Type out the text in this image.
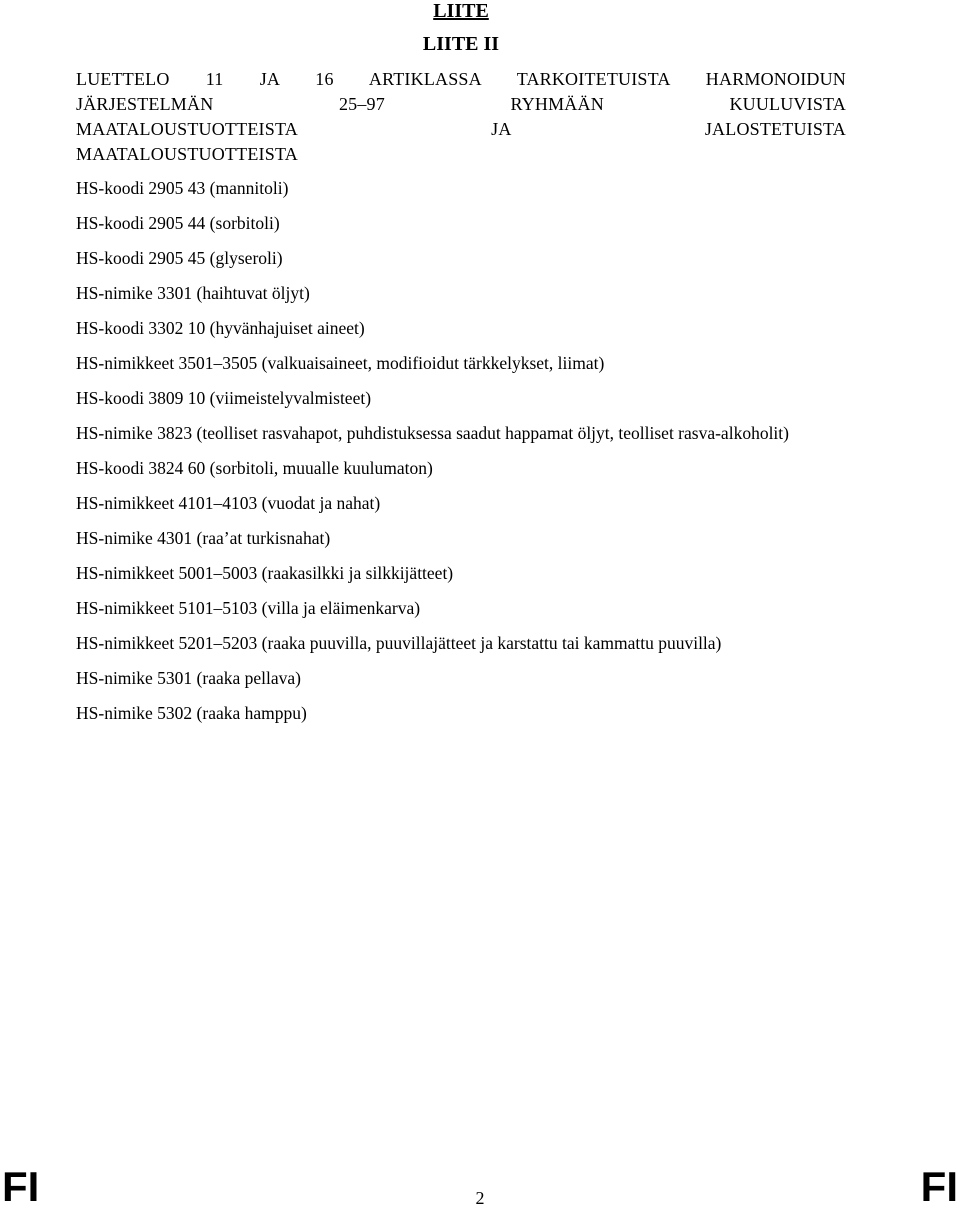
LIITE
LIITE II
LUETTELO 11 JA 16 ARTIKLASSA TARKOITETUISTA HARMONOIDUN
JÄRJESTELMÄN	25–97	RYHMÄÄN	KUULUVISTA
MAATALOUSTUOTTEISTA	JA	JALOSTETUISTA
MAATALOUSTUOTTEISTA

HS-koodi 2905 43 (mannitoli)

HS-koodi 2905 44 (sorbitoli)

HS-koodi 2905 45 (glyseroli)

HS-nimike 3301 (haihtuvat öljyt)

HS-koodi 3302 10 (hyvänhajuiset aineet)

HS-nimikkeet 3501–3505 (valkuaisaineet, modifioidut tärkkelykset, liimat)

HS-koodi 3809 10 (viimeistelyvalmisteet)

HS-nimike 3823 (teolliset rasvahapot, puhdistuksessa saadut happamat öljyt, teolliset rasva-alkoholit)

HS-koodi 3824 60 (sorbitoli, muualle kuulumaton)

HS-nimikkeet 4101–4103 (vuodat ja nahat)

HS-nimike 4301 (raa’at turkisnahat)

HS-nimikkeet 5001–5003 (raakasilkki ja silkkijätteet)

HS-nimikkeet 5101–5103 (villa ja eläimenkarva)

HS-nimikkeet 5201–5203 (raaka puuvilla, puuvillajätteet ja karstattu tai kammattu puuvilla)

HS-nimike 5301 (raaka pellava)

HS-nimike 5302 (raaka hamppu)

FI	2	FI
